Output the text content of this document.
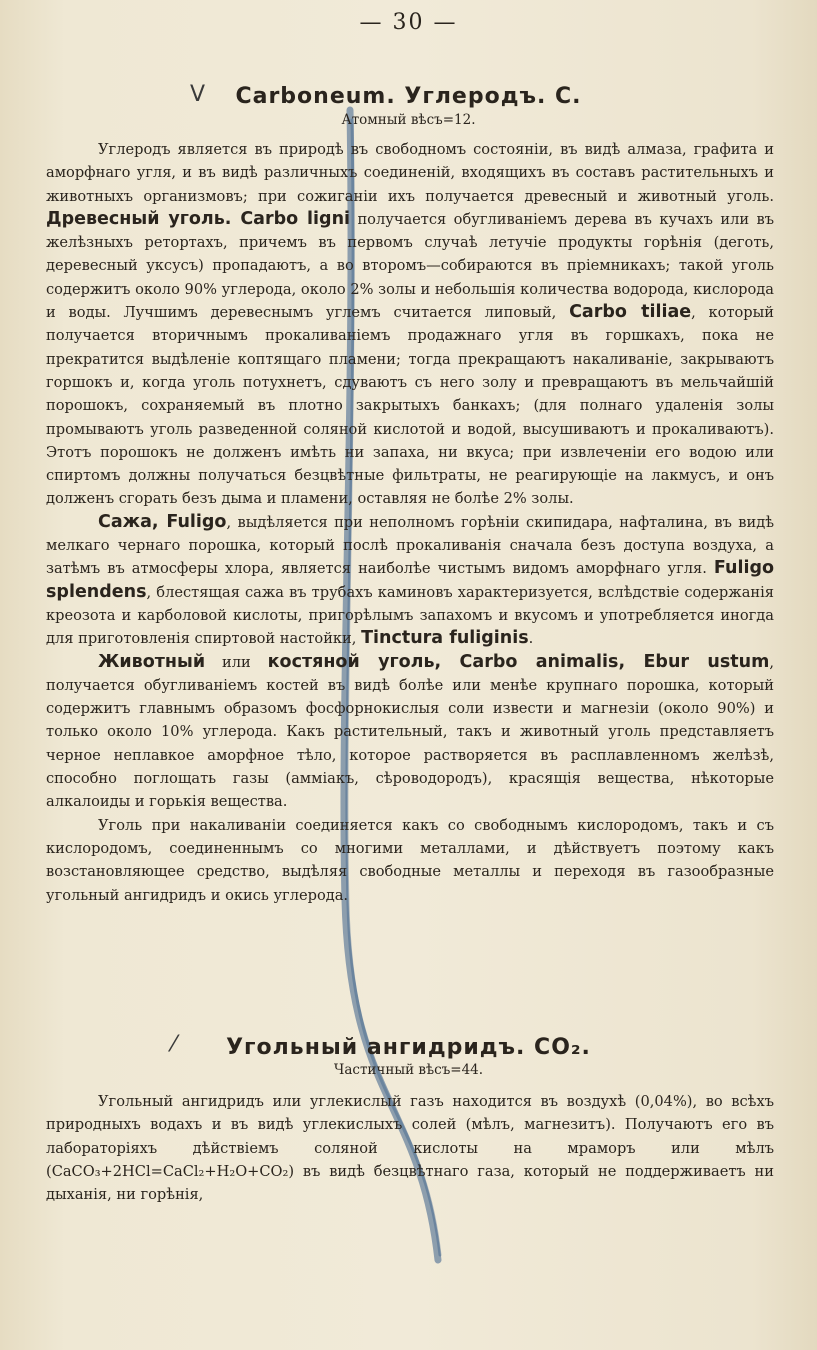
— 30 —
V	Carboneum. Углеродъ. С.
Атомный вѣсъ=12.

Углеродъ является въ природѣ въ свободномъ состоянiи, въ видѣ алмаза, графита и аморфнаго угля, и въ видѣ различныхъ соединенiй, входящихъ въ составъ растительныхъ и животныхъ организмовъ; при сожиганiи ихъ получается древесный и животный уголь. Древесный уголь. Carbo ligni получается обугливанiемъ дерева въ кучахъ или въ желѣзныхъ ретортахъ, причемъ въ первомъ случаѣ летучiе продукты горѣнiя (деготь, деревесный уксусъ) пропадаютъ, а во второмъ—собираются въ прiемникахъ; такой уголь содержитъ около 90% углерода, около 2% золы и небольшiя количества водорода, кислорода и воды. Лучшимъ деревеснымъ углемъ считается липовый, Carbo tiliae, который получается вторичнымъ прокаливанiемъ продажнаго угля въ горшкахъ, пока не прекратится выдѣленiе коптящаго пламени; тогда прекращаютъ накаливанiе, закрываютъ горшокъ и, когда уголь потухнетъ, сдуваютъ съ него золу и превращаютъ въ мельчайшiй порошокъ, сохраняемый въ плотно закрытыхъ банкахъ; (для полнаго удаленiя золы промываютъ уголь разведенной соляной кислотой и водой, высушиваютъ и прокаливаютъ). Этотъ порошокъ не долженъ имѣть ни запаха, ни вкуса; при извлеченiи его водою или спиртомъ должны получаться безцвѣтные фильтраты, не реагирующiе на лакмусъ, и онъ долженъ сгорать безъ дыма и пламени, оставляя не болѣе 2% золы.

Сажа, Fuligo, выдѣляется при неполномъ горѣнiи скипидара, нафталина, въ видѣ мелкаго чернаго порошка, который послѣ прокаливанiя сначала безъ доступа воздуха, а затѣмъ въ атмосферы хлора, является наиболѣе чистымъ видомъ аморфнаго угля. Fuligo splendens, блестящая сажа въ трубахъ каминовъ характеризуется, вслѣдствiе содержанiя креозота и карболовой кислоты, пригорѣлымъ запахомъ и вкусомъ и употребляется иногда для приготовленiя спиртовой настойки, Tinctura fuliginis.

Животный или костяной уголь, Carbo animalis, Ebur ustum, получается обугливанiемъ костей въ видѣ болѣе или менѣе крупнаго порошка, который содержитъ главнымъ образомъ фосфорнокислыя соли извести и магнезiи (около 90%) и только около 10% углерода. Какъ растительный, такъ и животный уголь представляетъ черное неплавкое аморфное тѣло, которое растворяется въ расплавленномъ желѣзѣ, способно поглощать газы (аммiакъ, сѣроводородъ), красящiя вещества, нѣкоторые алкалоиды и горькiя вещества.

Уголь при накаливанiи соединяется какъ со свободнымъ кислородомъ, такъ и съ кислородомъ, соединеннымъ со многими металлами, и дѣйствуетъ поэтому какъ возстановляющее средство, выдѣляя свободные металлы и переходя въ газообразные угольный ангидридъ и окись углерода.

⁄	Угольный ангидридъ. СО₂.
Частичный вѣсъ=44.

Угольный ангидридъ или углекислый газъ находится въ воздухѣ (0,04%), во всѣхъ природныхъ водахъ и въ видѣ углекислыхъ солей (мѣлъ, магнезитъ). Получаютъ его въ лабораторiяхъ дѣйствiемъ соляной кислоты на мраморъ или мѣлъ (CaCO₃+2HCl=CaCl₂+H₂O+CO₂) въ видѣ безцвѣтнаго газа, который не поддерживаетъ ни дыханiя, ни горѣнiя,
